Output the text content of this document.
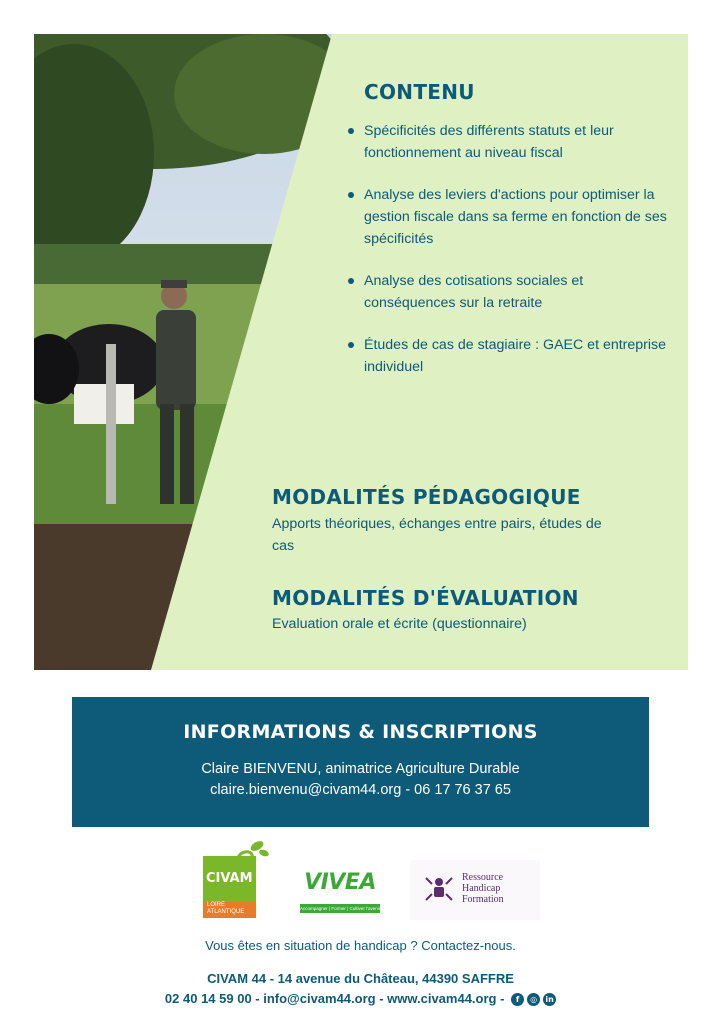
CONTENU
Spécificités des différents statuts et leur fonctionnement au niveau fiscal
Analyse des leviers d'actions pour optimiser la gestion fiscale dans sa ferme en fonction de ses spécificités
Analyse des cotisations sociales et conséquences sur la retraite
Études de cas de stagiaire : GAEC et entreprise individuel
MODALITÉS PÉDAGOGIQUE

Apports théoriques, échanges entre pairs, études de cas

MODALITÉS D'ÉVALUATION

Evaluation orale et écrite (questionnaire)

INFORMATIONS & INSCRIPTIONS
Claire BIENVENU, animatrice Agriculture Durable
claire.bienvenu@civam44.org - 06 17 76 37 65
CIVAM
LOIRE ATLANTIQUE
VIVEA
Accompagner | Former | Cultiver l'avenir
Ressource
Handicap
Formation
Vous êtes en situation de handicap ? Contactez-nous.
CIVAM 44 - 14 avenue du Château, 44390 SAFFRE
02 40 14 59 00 - info@civam44.org - www.civam44.org - f ◎ in
